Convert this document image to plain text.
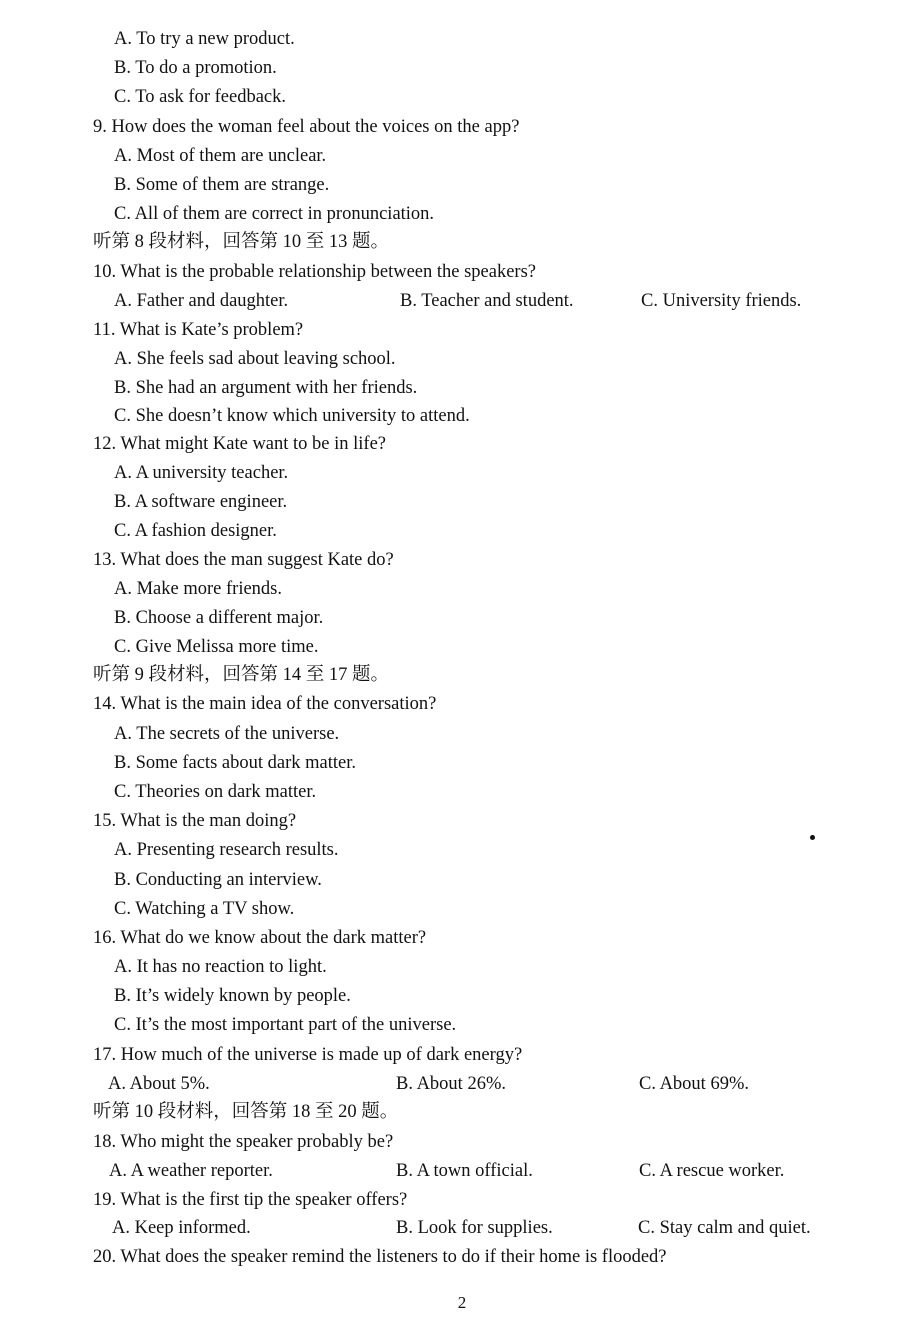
A. To try a new product.
B. To do a promotion.
C. To ask for feedback.
9. How does the woman feel about the voices on the app?
A. Most of them are unclear.
B. Some of them are strange.
C. All of them are correct in pronunciation.
听第 8 段材料，回答第 10 至 13 题。
10. What is the probable relationship between the speakers?
A. Father and daughter.	B. Teacher and student.	C. University friends.
11. What is Kate’s problem?
A. She feels sad about leaving school.
B. She had an argument with her friends.
C. She doesn’t know which university to attend.
12. What might Kate want to be in life?
A. A university teacher.
B. A software engineer.
C. A fashion designer.
13. What does the man suggest Kate do?
A. Make more friends.
B. Choose a different major.
C. Give Melissa more time.
听第 9 段材料，回答第 14 至 17 题。
14. What is the main idea of the conversation?
A. The secrets of the universe.
B. Some facts about dark matter.
C. Theories on dark matter.
15. What is the man doing?
A. Presenting research results.
B. Conducting an interview.
C. Watching a TV show.
16. What do we know about the dark matter?
A. It has no reaction to light.
B. It’s widely known by people.
C. It’s the most important part of the universe.
17. How much of the universe is made up of dark energy?
A. About 5%.	B. About 26%.	C. About 69%.
听第 10 段材料，回答第 18 至 20 题。
18. Who might the speaker probably be?
A. A weather reporter.	B. A town official.	C. A rescue worker.
19. What is the first tip the speaker offers?
A. Keep informed.	B. Look for supplies.	C. Stay calm and quiet.
20. What does the speaker remind the listeners to do if their home is flooded?
2
